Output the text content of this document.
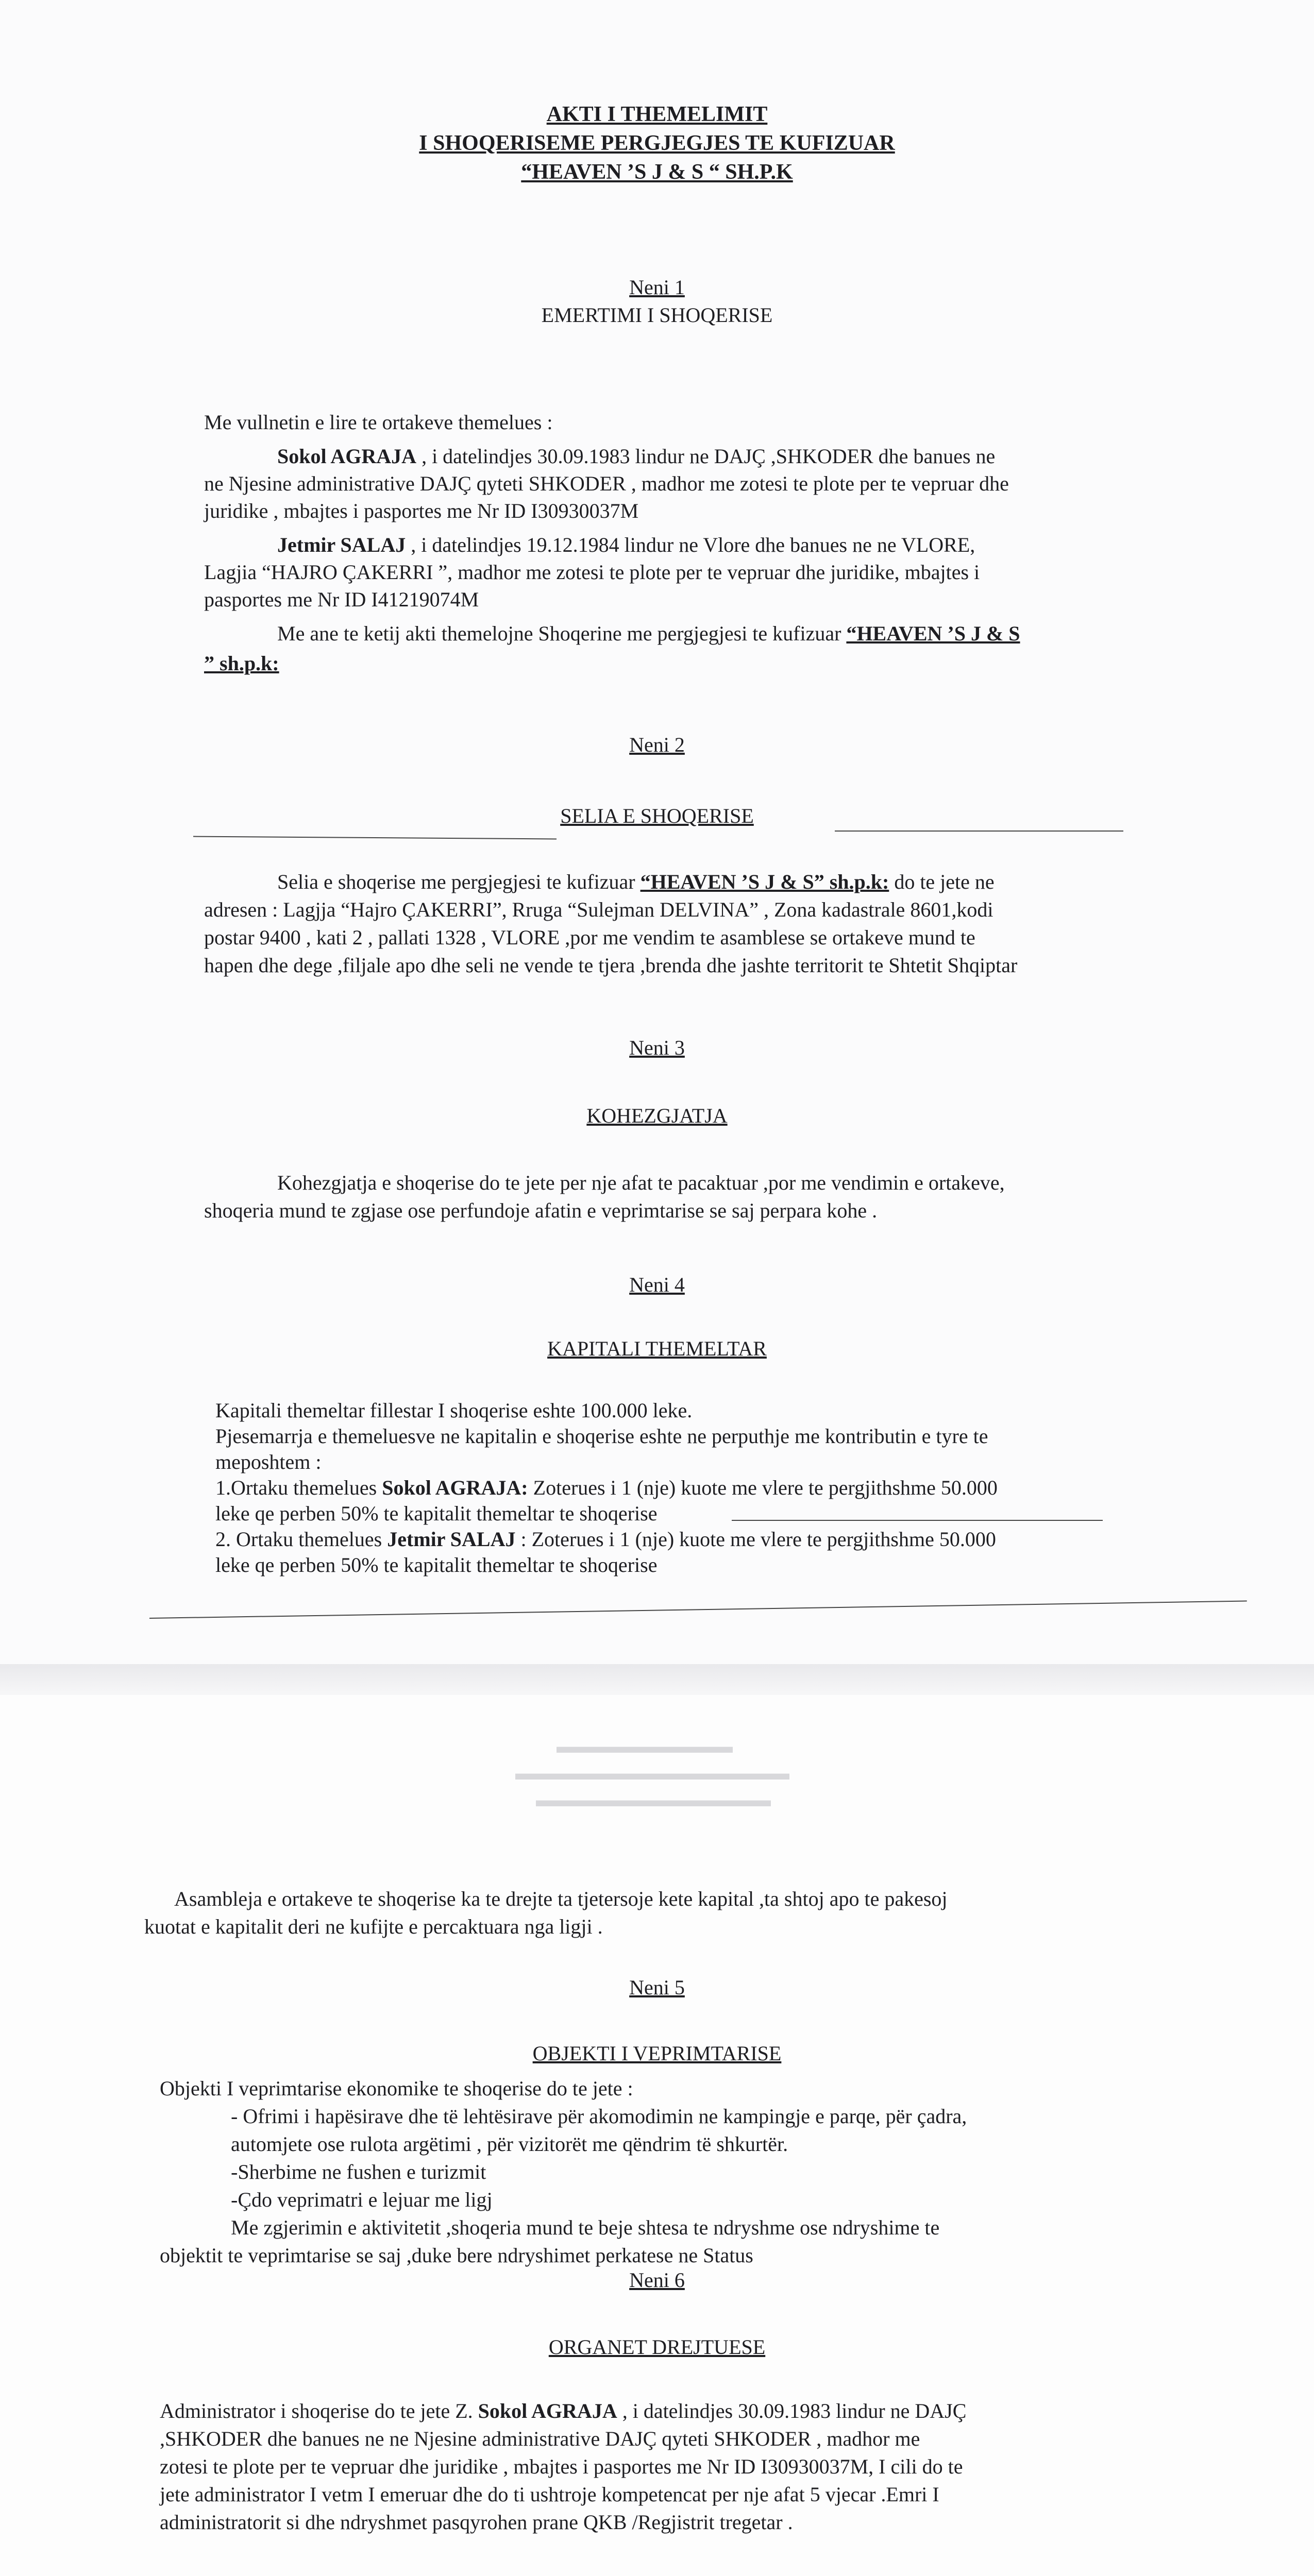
AKTI I THEMELIMIT
I SHOQERISEME PERGJEGJES TE KUFIZUAR
“HEAVEN ’S J & S “ SH.P.K
Neni 1
EMERTIMI I SHOQERISE
Me vullnetin e lire te ortakeve themelues :
Sokol AGRAJA , i datelindjes 30.09.1983 lindur ne DAJÇ ,SHKODER dhe banues ne
ne Njesine administrative DAJÇ qyteti SHKODER , madhor me zotesi te plote per te vepruar dhe
juridike , mbajtes i pasportes me Nr ID I30930037M
Jetmir SALAJ , i datelindjes 19.12.1984 lindur ne Vlore dhe banues ne ne VLORE,
Lagjia “HAJRO ÇAKERRI ”, madhor me zotesi te plote per te vepruar dhe juridike, mbajtes i
pasportes me Nr ID I41219074M
Me ane te ketij akti themelojne Shoqerine me pergjegjesi te kufizuar “HEAVEN ’S J & S
” sh.p.k:
Neni 2
SELIA E SHOQERISE
Selia e shoqerise me pergjegjesi te kufizuar “HEAVEN ’S J & S” sh.p.k: do te jete ne
adresen : Lagjja “Hajro ÇAKERRI”, Rruga “Sulejman DELVINA” , Zona kadastrale 8601,kodi
postar 9400 , kati 2 , pallati 1328 , VLORE ,por me vendim te asamblese se ortakeve mund te
hapen dhe dege ,filjale apo dhe seli ne vende te tjera ,brenda dhe jashte territorit te Shtetit Shqiptar
Neni 3
KOHEZGJATJA
Kohezgjatja e shoqerise do te jete per nje afat te pacaktuar ,por me vendimin e ortakeve,
shoqeria mund te zgjase ose perfundoje afatin e veprimtarise se saj perpara kohe .
Neni 4
KAPITALI THEMELTAR
Kapitali themeltar fillestar I shoqerise eshte 100.000 leke.
Pjesemarrja e themeluesve ne kapitalin e shoqerise eshte ne perputhje me kontributin e tyre te
meposhtem :
1.Ortaku themelues Sokol AGRAJA: Zoterues i 1 (nje) kuote me vlere te pergjithshme 50.000
leke qe perben 50% te kapitalit themeltar te shoqerise
2. Ortaku themelues Jetmir SALAJ : Zoterues i 1 (nje) kuote me vlere te pergjithshme 50.000
leke qe perben 50% te kapitalit themeltar te shoqerise
▬▬▬▬▬▬▬▬▬
▬▬▬▬▬▬▬▬▬▬▬▬▬▬
▬▬▬▬▬▬▬▬▬▬▬▬
Asambleja e ortakeve te shoqerise ka te drejte ta tjetersoje kete kapital ,ta shtoj apo te pakesoj
kuotat e kapitalit deri ne kufijte e percaktuara nga ligji .
Neni 5
OBJEKTI I VEPRIMTARISE
Objekti I veprimtarise ekonomike te shoqerise do te jete :
- Ofrimi i hapësirave dhe të lehtësirave për akomodimin ne kampingje e parqe, për çadra,
automjete ose rulota argëtimi , për vizitorët me qëndrim të shkurtër.
-Sherbime ne fushen e turizmit
-Çdo veprimatri e lejuar me ligj
Me zgjerimin e aktivitetit ,shoqeria mund te beje shtesa te ndryshme ose ndryshime te
objektit te veprimtarise se saj ,duke bere ndryshimet perkatese ne Status
Neni 6
ORGANET DREJTUESE
Administrator i shoqerise do te jete Z. Sokol AGRAJA , i datelindjes 30.09.1983 lindur ne DAJÇ
,SHKODER dhe banues ne ne Njesine administrative DAJÇ qyteti SHKODER , madhor me
zotesi te plote per te vepruar dhe juridike , mbajtes i pasportes me Nr ID I30930037M, I cili do te
jete administrator I vetm I emeruar dhe do ti ushtroje kompetencat per nje afat 5 vjecar .Emri I
administratorit si dhe ndryshmet pasqyrohen prane QKB /Regjistrit tregetar .
